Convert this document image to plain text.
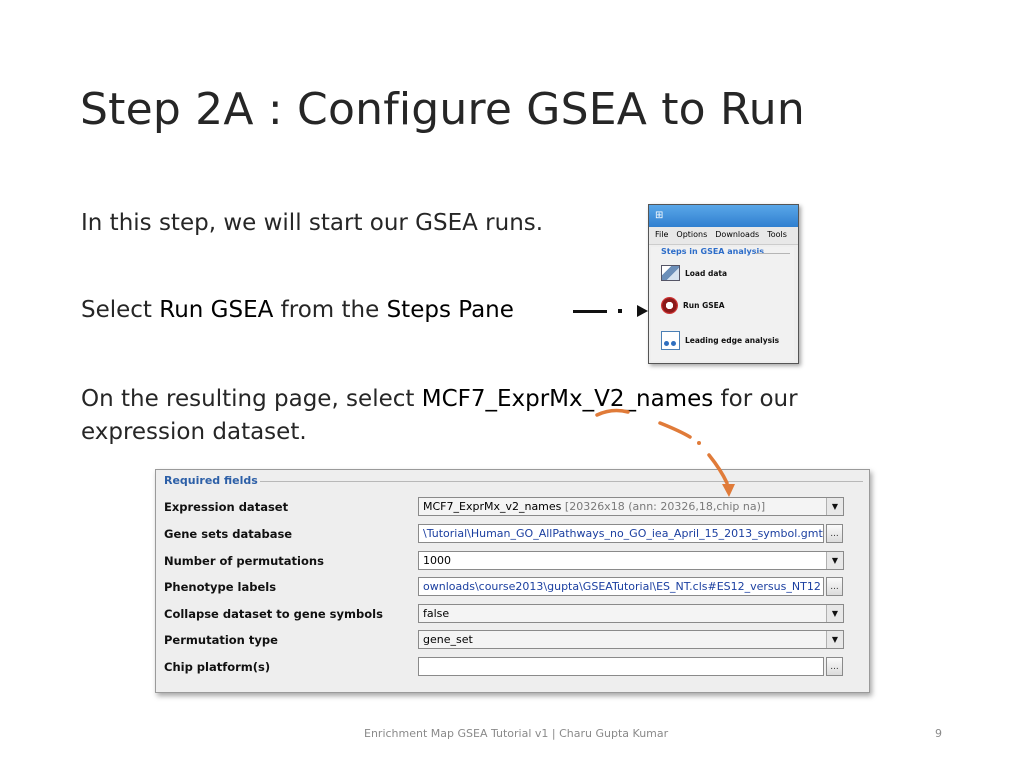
Step 2A : Configure GSEA to Run
In this step, we will start our GSEA runs.
Select Run GSEA from the Steps Pane
On the resulting page, select MCF7_ExprMx_V2_names for our
expression dataset.
⊞
File Options Downloads Tools
Steps in GSEA analysis
Load data
Run GSEA
Leading edge analysis
Required fields
Expression dataset	MCF7_ExprMx_v2_names [20326x18 (ann: 20326,18,chip na)]	▼
Gene sets database	\Tutorial\Human_GO_AllPathways_no_GO_iea_April_15_2013_symbol.gmt ...
Number of permutations	1000	▼
Phenotype labels	ownloads\course2013\gupta\GSEATutorial\ES_NT.cls#ES12_versus_NT12	...
Collapse dataset to gene symbols	false	▼
Permutation type	gene_set	▼
Chip platform(s)	...
Enrichment Map GSEA Tutorial v1 | Charu Gupta Kumar	9
